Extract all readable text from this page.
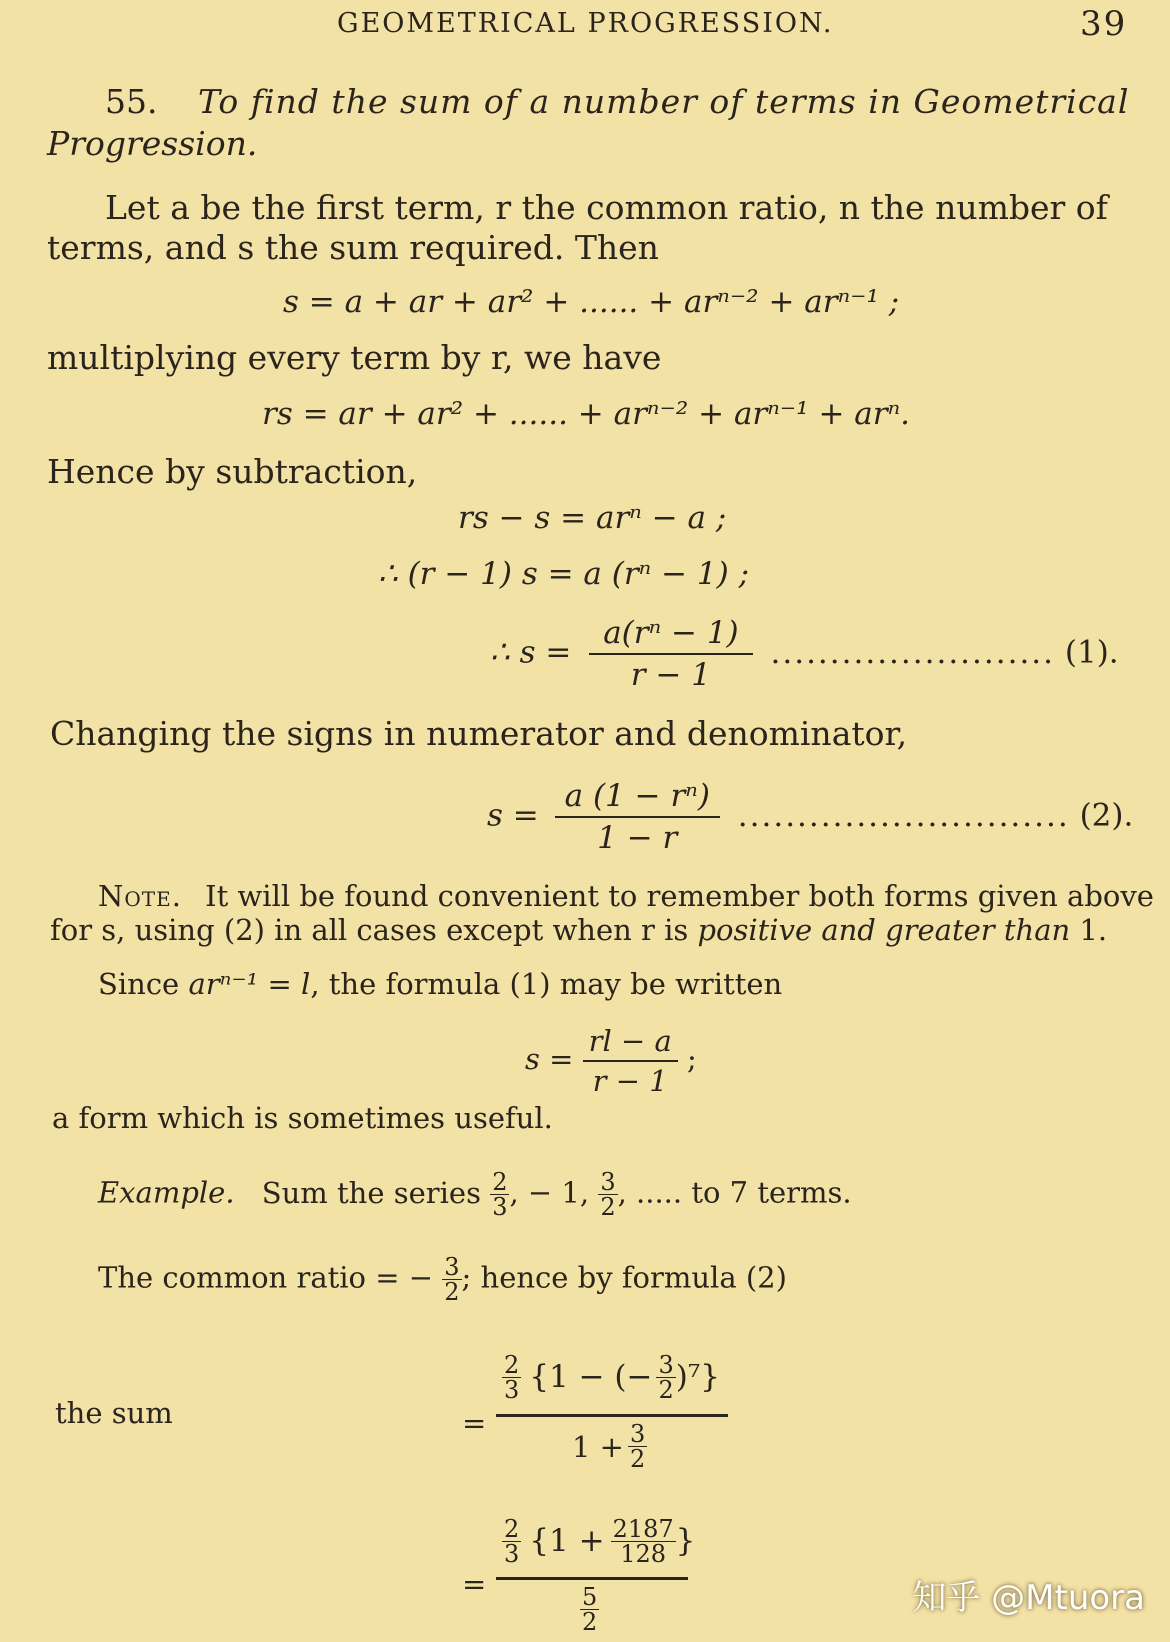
GEOMETRICAL PROGRESSION.	39
55. To find the sum of a number of terms in Geometrical
Progression.
Let a be the first term, r the common ratio, n the number of
terms, and s the sum required. Then
s = a + ar + ar² + ...... + arⁿ⁻² + arⁿ⁻¹ ;
multiplying every term by r, we have
rs = ar + ar² + ...... + arⁿ⁻² + arⁿ⁻¹ + arⁿ.
Hence by subtraction,
rs − s = arⁿ − a ;
∴ (r − 1) s = a (rⁿ − 1) ;
∴ $s = \frac{\text{a(rⁿ − 1)}}{r - 1}$ ........................ (1).
Changing the signs in numerator and denominator,
$s = \frac{\text{a (1 − rⁿ)}}{1 - r}$ ............................ (2).
Note. It will be found convenient to remember both forms given above
for s, using (2) in all cases except when r is positive and greater than 1.
Since arⁿ⁻¹ = l, the formula (1) may be written
$s = \frac{rl - a}{r - 1}$ ;
a form which is sometimes useful.
Example. Sum the series $\frac{2}{3}$ , − 1, $\frac{3}{2}$ , ..... to 7 terms.
The common ratio = − $\frac{3}{2}$ ; hence by formula (2)
the sum	=
$\frac{2}{3} \{1$ − (− $\frac{3}{2} )^7$}
$1 + \frac{3}{2}$
=
$\frac{2}{3} \{1 + \frac{2187}{128}$ }
$\frac{5}{2}$	知乎 @Mtuora
